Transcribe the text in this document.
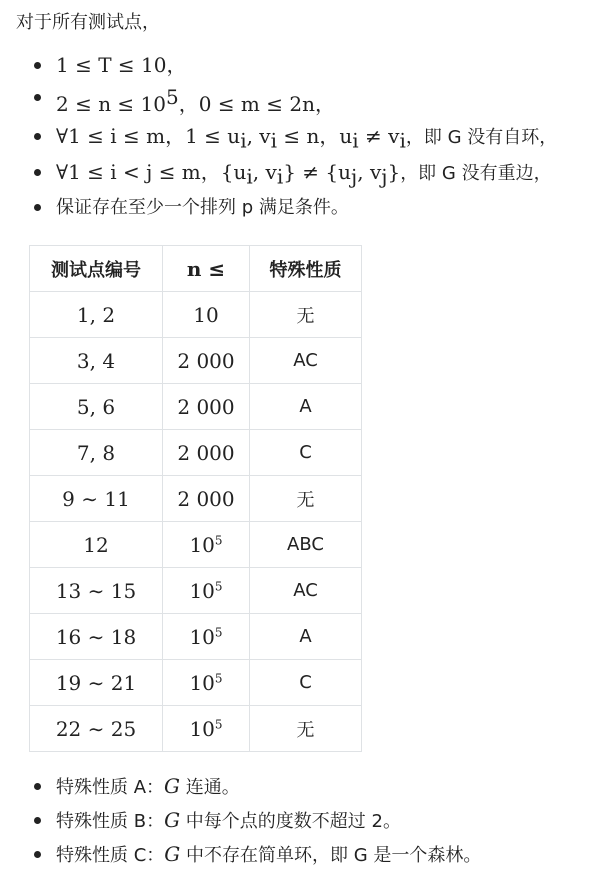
对于所有测试点，

1 ≤ T ≤ 10，
$2 \le n \le 10^5$，0 ≤ m ≤ 2n，
∀1 ≤ i ≤ m，$1 \le u_i$, $v_i \le n$，$u_i \ne v_i$，即 G 没有自环，
∀1 ≤ i < j ≤ m，{$u_i$, $v_i\} \ne \{u_j$, $v_j$}，即 G 没有重边，
保证存在至少一个排列 p 满足条件。
测试点编号	n ≤	特殊性质
1, 2	10	无
3, 4	2 000	AC
5, 6	2 000	A
7, 8	2 000	C
9 ∼ 11	2 000	无
12	$10^5$	ABC
13 ∼ 15	$10^5$	AC
16 ∼ 18	$10^5$	A
19 ∼ 21	$10^5$	C
22 ∼ 25	$10^5$	无
特殊性质 A：G 连通。
特殊性质 B：G 中每个点的度数不超过 2。
特殊性质 C：G 中不存在简单环，即 G 是一个森林。
